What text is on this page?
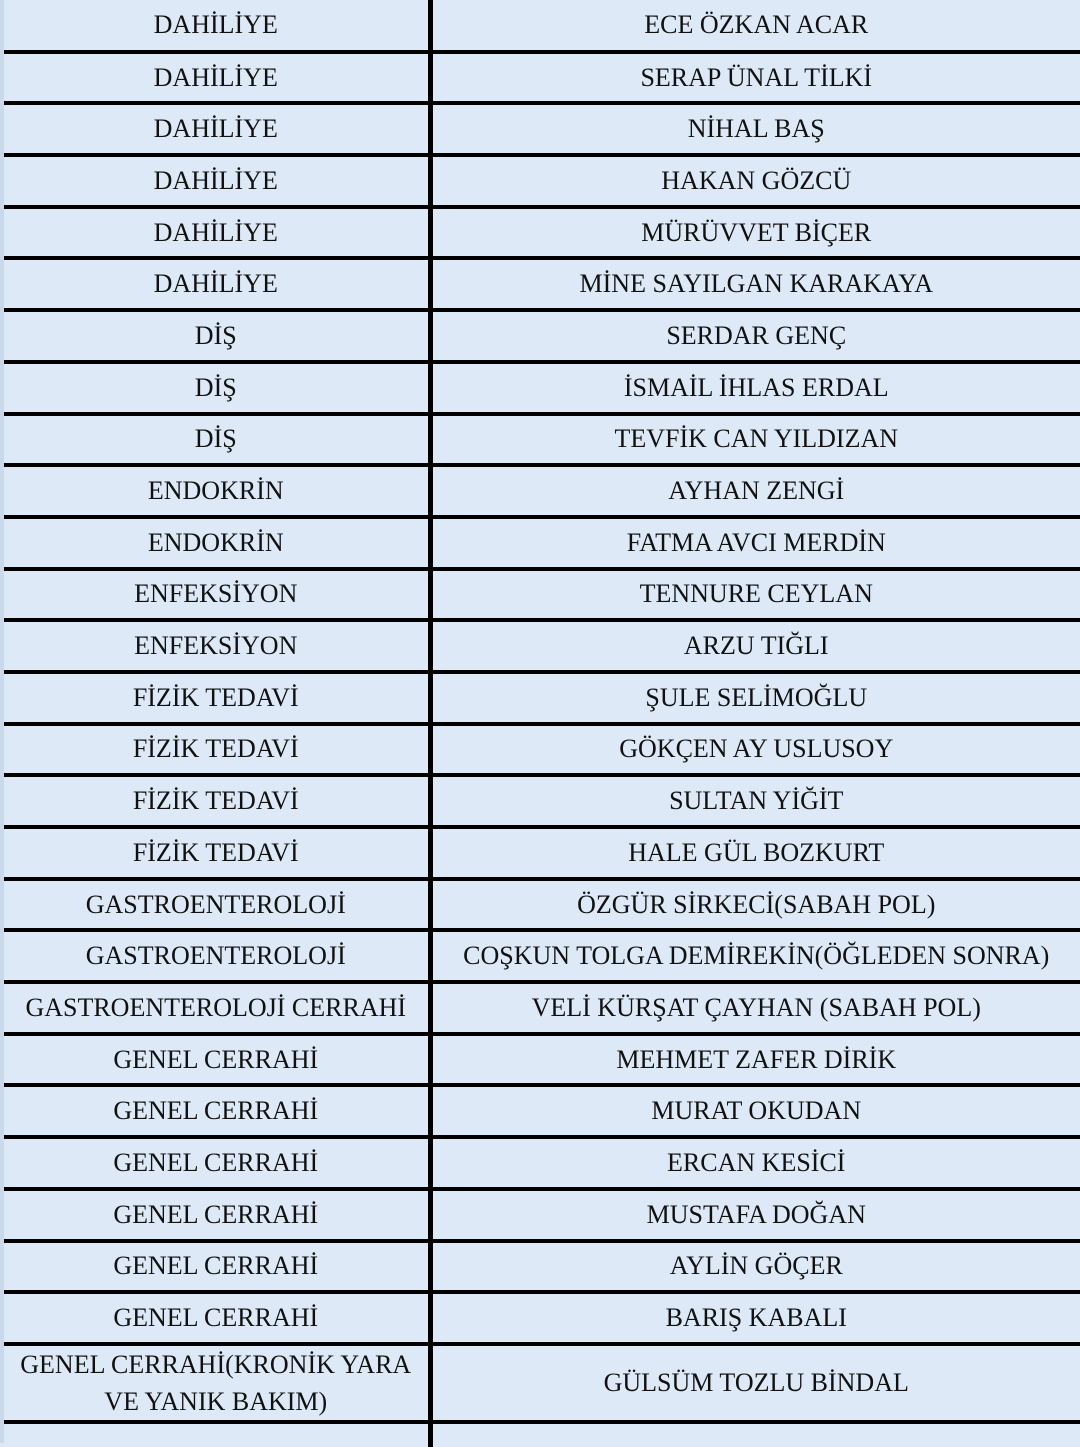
DAHİLİYE	ECE ÖZKAN ACAR
DAHİLİYE	SERAP ÜNAL TİLKİ
DAHİLİYE	NİHAL BAŞ
DAHİLİYE	HAKAN GÖZCÜ
DAHİLİYE	MÜRÜVVET BİÇER
DAHİLİYE	MİNE SAYILGAN KARAKAYA
DİŞ	SERDAR GENÇ
DİŞ	İSMAİL İHLAS ERDAL
DİŞ	TEVFİK CAN YILDIZAN
ENDOKRİN	AYHAN ZENGİ
ENDOKRİN	FATMA AVCI MERDİN
ENFEKSİYON	TENNURE CEYLAN
ENFEKSİYON	ARZU TIĞLI
FİZİK TEDAVİ	ŞULE SELİMOĞLU
FİZİK TEDAVİ	GÖKÇEN AY USLUSOY
FİZİK TEDAVİ	SULTAN YİĞİT
FİZİK TEDAVİ	HALE GÜL BOZKURT
GASTROENTEROLOJİ	ÖZGÜR SİRKECİ(SABAH POL)
GASTROENTEROLOJİ	COŞKUN TOLGA DEMİREKİN(ÖĞLEDEN SONRA)
GASTROENTEROLOJİ CERRAHİ	VELİ KÜRŞAT ÇAYHAN (SABAH POL)
GENEL CERRAHİ	MEHMET ZAFER DİRİK
GENEL CERRAHİ	MURAT OKUDAN
GENEL CERRAHİ	ERCAN KESİCİ
GENEL CERRAHİ	MUSTAFA DOĞAN
GENEL CERRAHİ	AYLİN GÖÇER
GENEL CERRAHİ	BARIŞ KABALI
GENEL CERRAHİ(KRONİK YARA VE YANIK BAKIM)	GÜLSÜM TOZLU BİNDAL
